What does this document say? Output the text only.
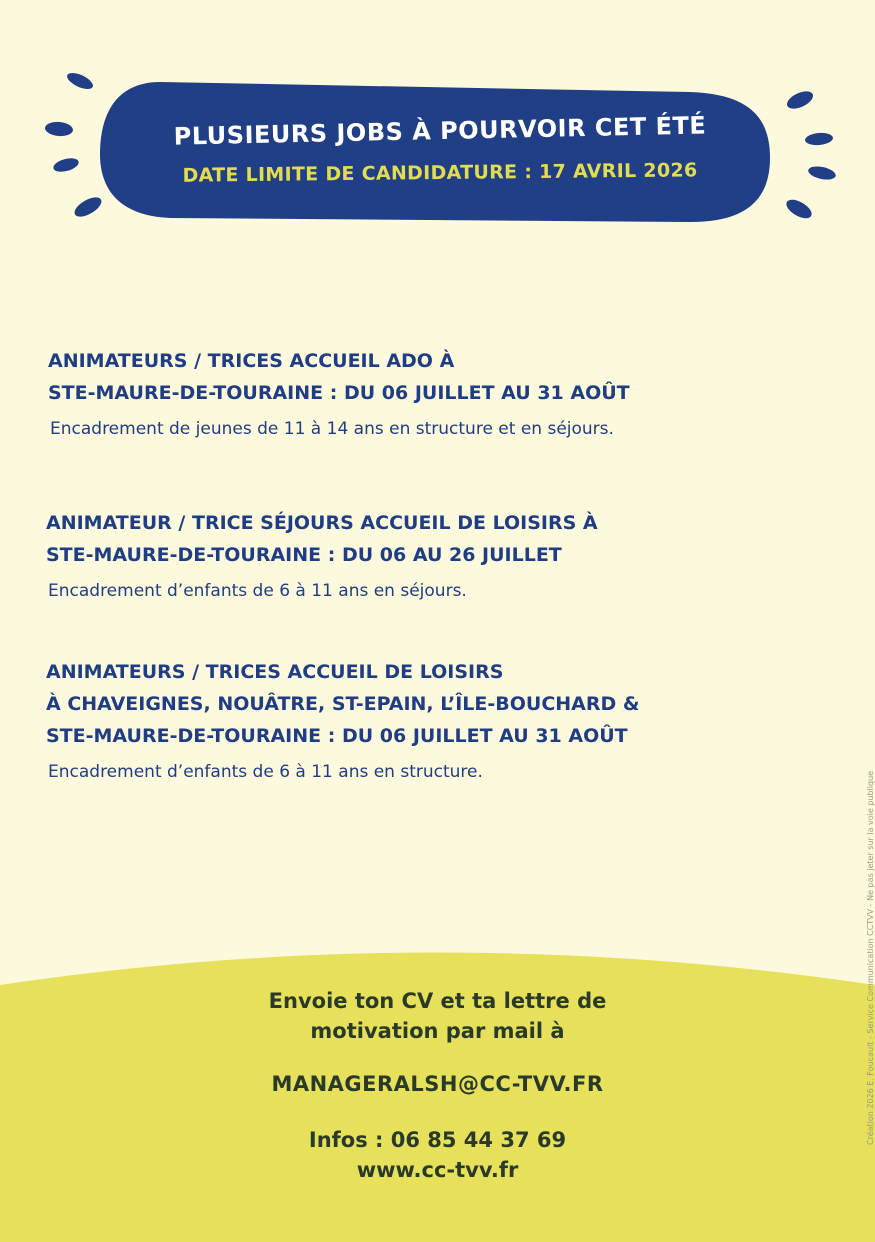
PLUSIEURS JOBS À POURVOIR CET ÉTÉ
DATE LIMITE DE CANDIDATURE : 17 AVRIL 2026

ANIMATEURS / TRICES ACCUEIL ADO À
STE-MAURE-DE-TOURAINE : DU 06 JUILLET AU 31 AOÛT

Encadrement de jeunes de 11 à 14 ans en structure et en séjours.

ANIMATEUR / TRICE SÉJOURS ACCUEIL DE LOISIRS À
STE-MAURE-DE-TOURAINE : DU 06 AU 26 JUILLET

Encadrement d’enfants de 6 à 11 ans en séjours.

ANIMATEURS / TRICES ACCUEIL DE LOISIRS
À CHAVEIGNES, NOUÂTRE, ST-EPAIN, L’ÎLE-BOUCHARD &
STE-MAURE-DE-TOURAINE : DU 06 JUILLET AU 31 AOÛT

Encadrement d’enfants de 6 à 11 ans en structure.

Envoie ton CV et ta lettre de
motivation par mail à
MANAGERALSH@CC-TVV.FR
Infos : 06 85 44 37 69
www.cc-tvv.fr
Création 2026 E. Foucault - Service Communication CCTVV - Ne pas jeter sur la voie publique
